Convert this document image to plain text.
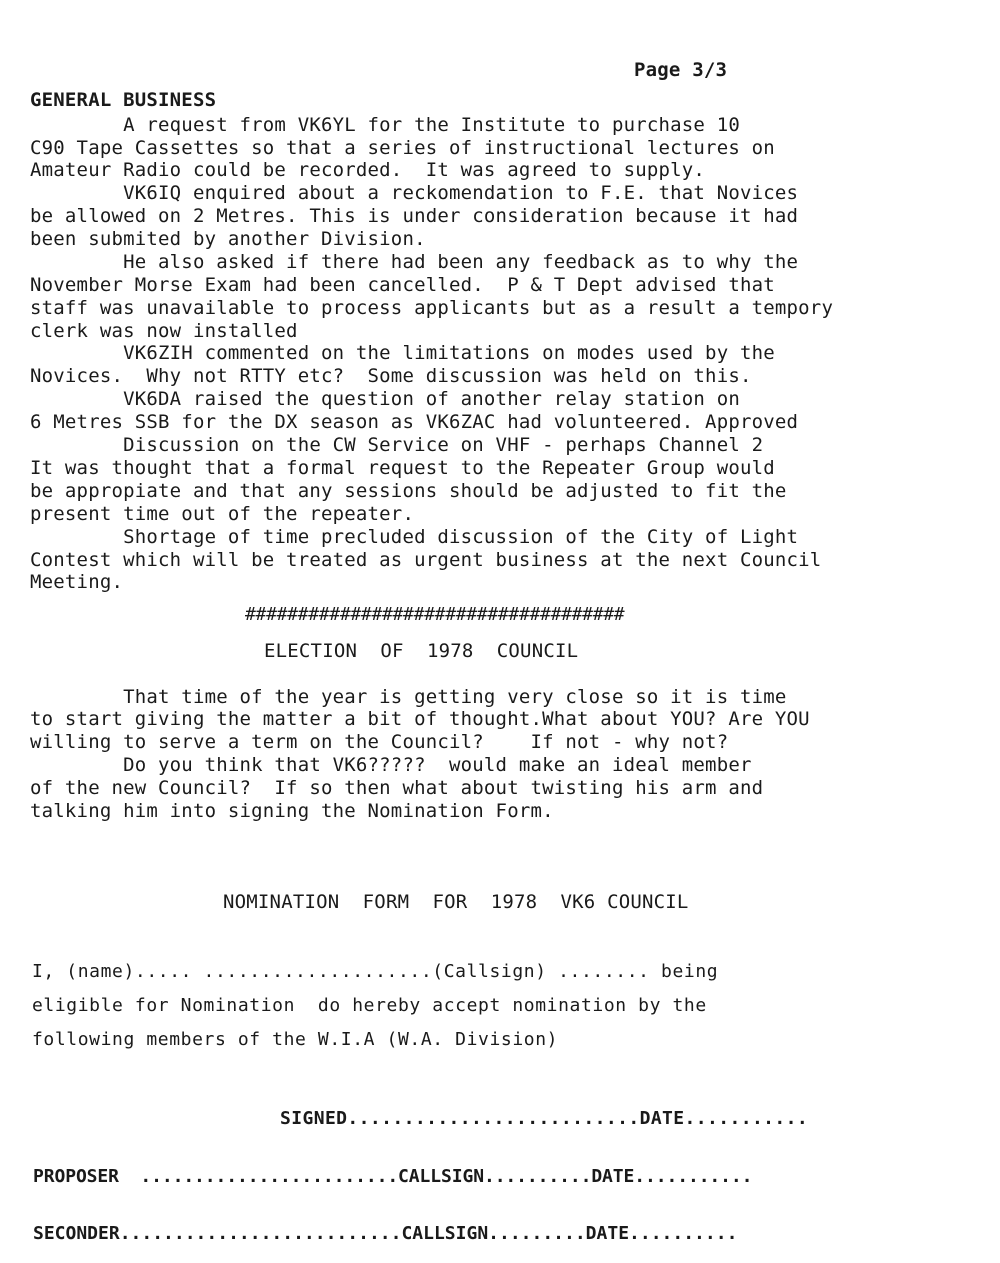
Page 3/3
GENERAL BUSINESS
A request from VK6YL for the Institute to purchase 10
C90 Tape Cassettes so that a series of instructional lectures on
Amateur Radio could be recorded.  It was agreed to supply.
VK6IQ enquired about a reckomendation to F.E. that Novices
be allowed on 2 Metres. This is under consideration because it had
been submited by another Division.
He also asked if there had been any feedback as to why the
November Morse Exam had been cancelled.  P & T Dept advised that
staff was unavailable to process applicants but as a result a tempory
clerk was now installed
VK6ZIH commented on the limitations on modes used by the
Novices.  Why not RTTY etc?  Some discussion was held on this.
VK6DA raised the question of another relay station on
6 Metres SSB for the DX season as VK6ZAC had volunteered. Approved
Discussion on the CW Service on VHF - perhaps Channel 2
It was thought that a formal request to the Repeater Group would
be appropiate and that any sessions should be adjusted to fit the
present time out of the repeater.
Shortage of time precluded discussion of the City of Light
Contest which will be treated as urgent business at the next Council
Meeting.
####################################
ELECTION  OF  1978  COUNCIL
That time of the year is getting very close so it is time
to start giving the matter a bit of thought.What about YOU? Are YOU
willing to serve a term on the Council?    If not - why not?
Do you think that VK6?????  would make an ideal member
of the new Council?  If so then what about twisting his arm and
talking him into signing the Nomination Form.
NOMINATION  FORM  FOR  1978  VK6 COUNCIL
I, (name)..... ....................(Callsign) ........ being
eligible for Nomination  do hereby accept nomination by the
following members of the W.I.A (W.A. Division)
SIGNED..........................DATE...........
PROPOSER  ........................CALLSIGN..........DATE...........
SECONDER..........................CALLSIGN.........DATE..........
